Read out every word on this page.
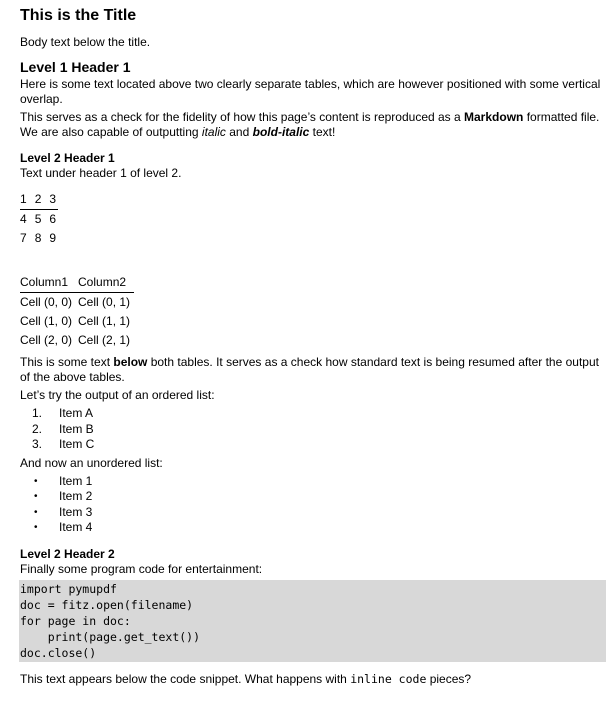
This is the Title

Body text below the title.

Level 1 Header 1

Here is some text located above two clearly separate tables, which are however positioned with some vertical overlap.

This serves as a check for the fidelity of how this page’s content is reproduced as a Markdown formatted file. We are also capable of outputting italic and bold-italic text!

Level 2 Header 1

Text under header 1 of level 2.

1	2	3
4	5	6
7	8	9
Column1	Column2
Cell (0, 0)	Cell (0, 1)
Cell (1, 0)	Cell (1, 1)
Cell (2, 0)	Cell (2, 1)

This is some text below both tables. It serves as a check how standard text is being resumed after the output of the above tables.

Let’s try the output of an ordered list:

1. Item A
2. Item B
3. Item C

And now an unordered list:

• Item 1
• Item 2
• Item 3
• Item 4
Level 2 Header 2

Finally some program code for entertainment:

import pymupdf
doc = fitz.open(filename)
for page in doc:
print(page.get_text())
doc.close()

This text appears below the code snippet. What happens with inline code pieces?
